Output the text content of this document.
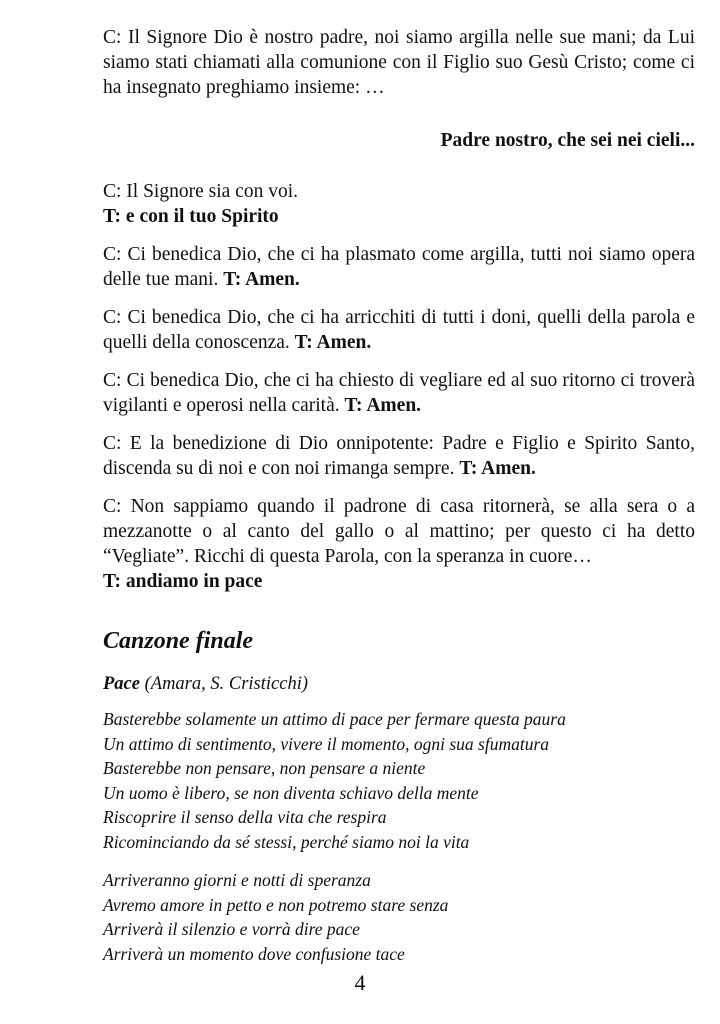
C: Il Signore Dio è nostro padre, noi siamo argilla nelle sue mani; da Lui siamo stati chiamati alla comunione con il Figlio suo Gesù Cristo; come ci ha insegnato preghiamo insieme: …
Padre nostro, che sei nei cieli...
C: Il Signore sia con voi.
T: e con il tuo Spirito
C: Ci benedica Dio, che ci ha plasmato come argilla, tutti noi siamo opera delle tue mani. T: Amen.
C: Ci benedica Dio, che ci ha arricchiti di tutti i doni, quelli della parola e quelli della conoscenza. T: Amen.
C: Ci benedica Dio, che ci ha chiesto di vegliare ed al suo ritorno ci troverà vigilanti e operosi nella carità. T: Amen.
C: E la benedizione di Dio onnipotente: Padre e Figlio e Spirito Santo, discenda su di noi e con noi rimanga sempre. T: Amen.
C: Non sappiamo quando il padrone di casa ritornerà, se alla sera o a mezzanotte o al canto del gallo o al mattino; per questo ci ha detto “Vegliate”. Ricchi di questa Parola, con la speranza in cuore…
T: andiamo in pace
Canzone finale
Pace (Amara, S. Cristicchi)
Basterebbe solamente un attimo di pace per fermare questa paura
Un attimo di sentimento, vivere il momento, ogni sua sfumatura
Basterebbe non pensare, non pensare a niente
Un uomo è libero, se non diventa schiavo della mente
Riscoprire il senso della vita che respira
Ricominciando da sé stessi, perché siamo noi la vita
Arriveranno giorni e notti di speranza
Avremo amore in petto e non potremo stare senza
Arriverà il silenzio e vorrà dire pace
Arriverà un momento dove confusione tace
4
